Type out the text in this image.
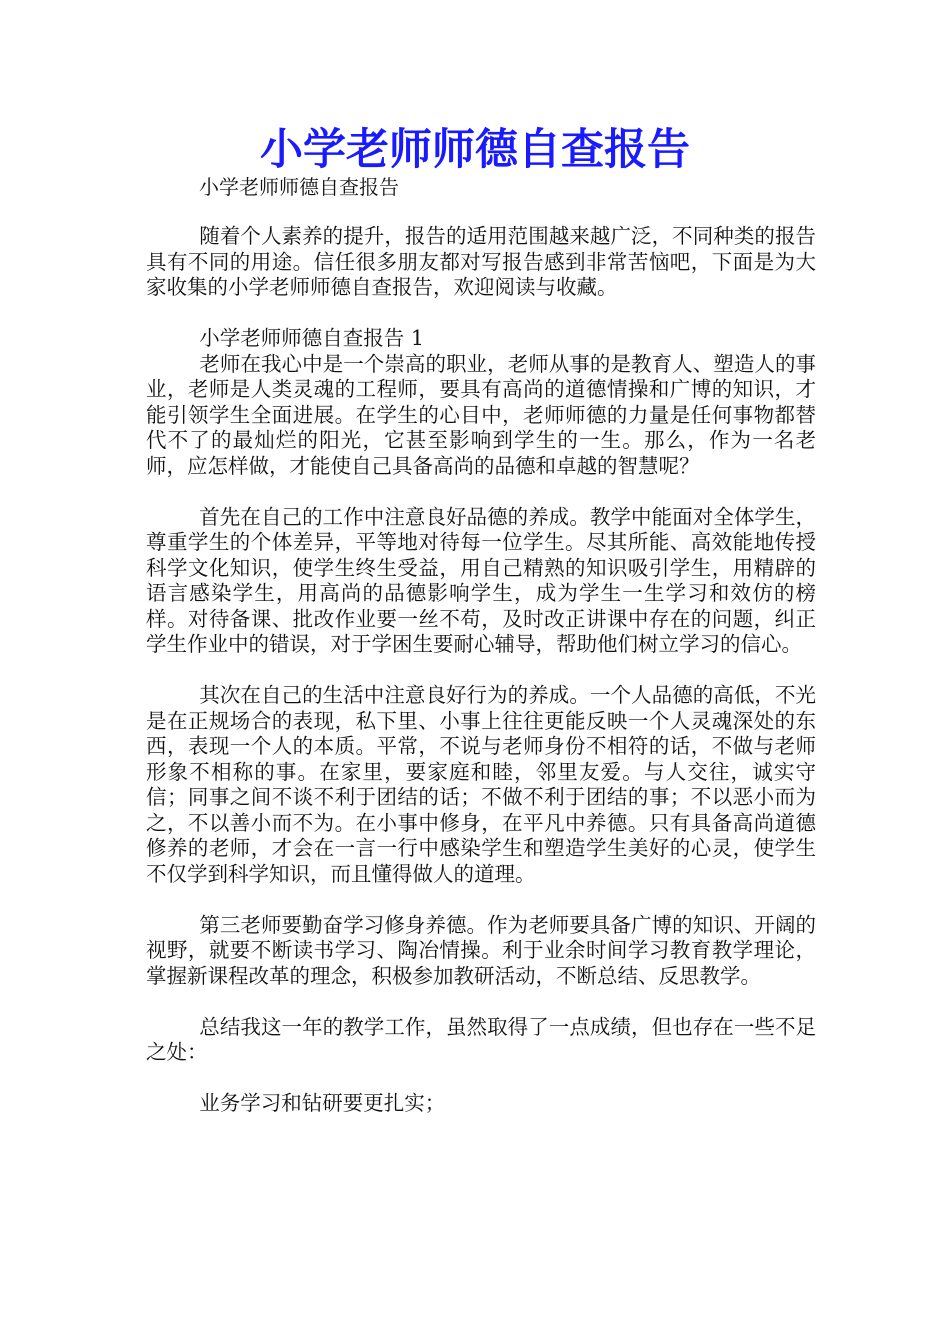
小学老师师德自查报告

小学老师师德自查报告

随着个人素养的提升，报告的适用范围越来越广泛，不同种类的报告具有不同的用途。信任很多朋友都对写报告感到非常苦恼吧，下面是为大家收集的小学老师师德自查报告，欢迎阅读与收藏。

小学老师师德自查报告 1

老师在我心中是一个崇高的职业，老师从事的是教育人、塑造人的事业，老师是人类灵魂的工程师，要具有高尚的道德情操和广博的知识，才能引领学生全面进展。在学生的心目中，老师师德的力量是任何事物都替代不了的最灿烂的阳光，它甚至影响到学生的一生。那么，作为一名老师，应怎样做，才能使自己具备高尚的品德和卓越的智慧呢？

首先在自己的工作中注意良好品德的养成。教学中能面对全体学生，尊重学生的个体差异，平等地对待每一位学生。尽其所能、高效能地传授科学文化知识，使学生终生受益，用自己精熟的知识吸引学生，用精辟的语言感染学生，用高尚的品德影响学生，成为学生一生学习和效仿的榜样。对待备课、批改作业要一丝不苟，及时改正讲课中存在的问题，纠正学生作业中的错误，对于学困生要耐心辅导，帮助他们树立学习的信心。

其次在自己的生活中注意良好行为的养成。一个人品德的高低，不光是在正规场合的表现，私下里、小事上往往更能反映一个人灵魂深处的东西，表现一个人的本质。平常，不说与老师身份不相符的话，不做与老师形象不相称的事。在家里，要家庭和睦，邻里友爱。与人交往，诚实守信；同事之间不谈不利于团结的话；不做不利于团结的事；不以恶小而为之，不以善小而不为。在小事中修身，在平凡中养德。只有具备高尚道德修养的老师，才会在一言一行中感染学生和塑造学生美好的心灵，使学生不仅学到科学知识，而且懂得做人的道理。

第三老师要勤奋学习修身养德。作为老师要具备广博的知识、开阔的视野，就要不断读书学习、陶冶情操。利于业余时间学习教育教学理论，掌握新课程改革的理念，积极参加教研活动，不断总结、反思教学。

总结我这一年的教学工作，虽然取得了一点成绩，但也存在一些不足之处：

业务学习和钻研要更扎实；
